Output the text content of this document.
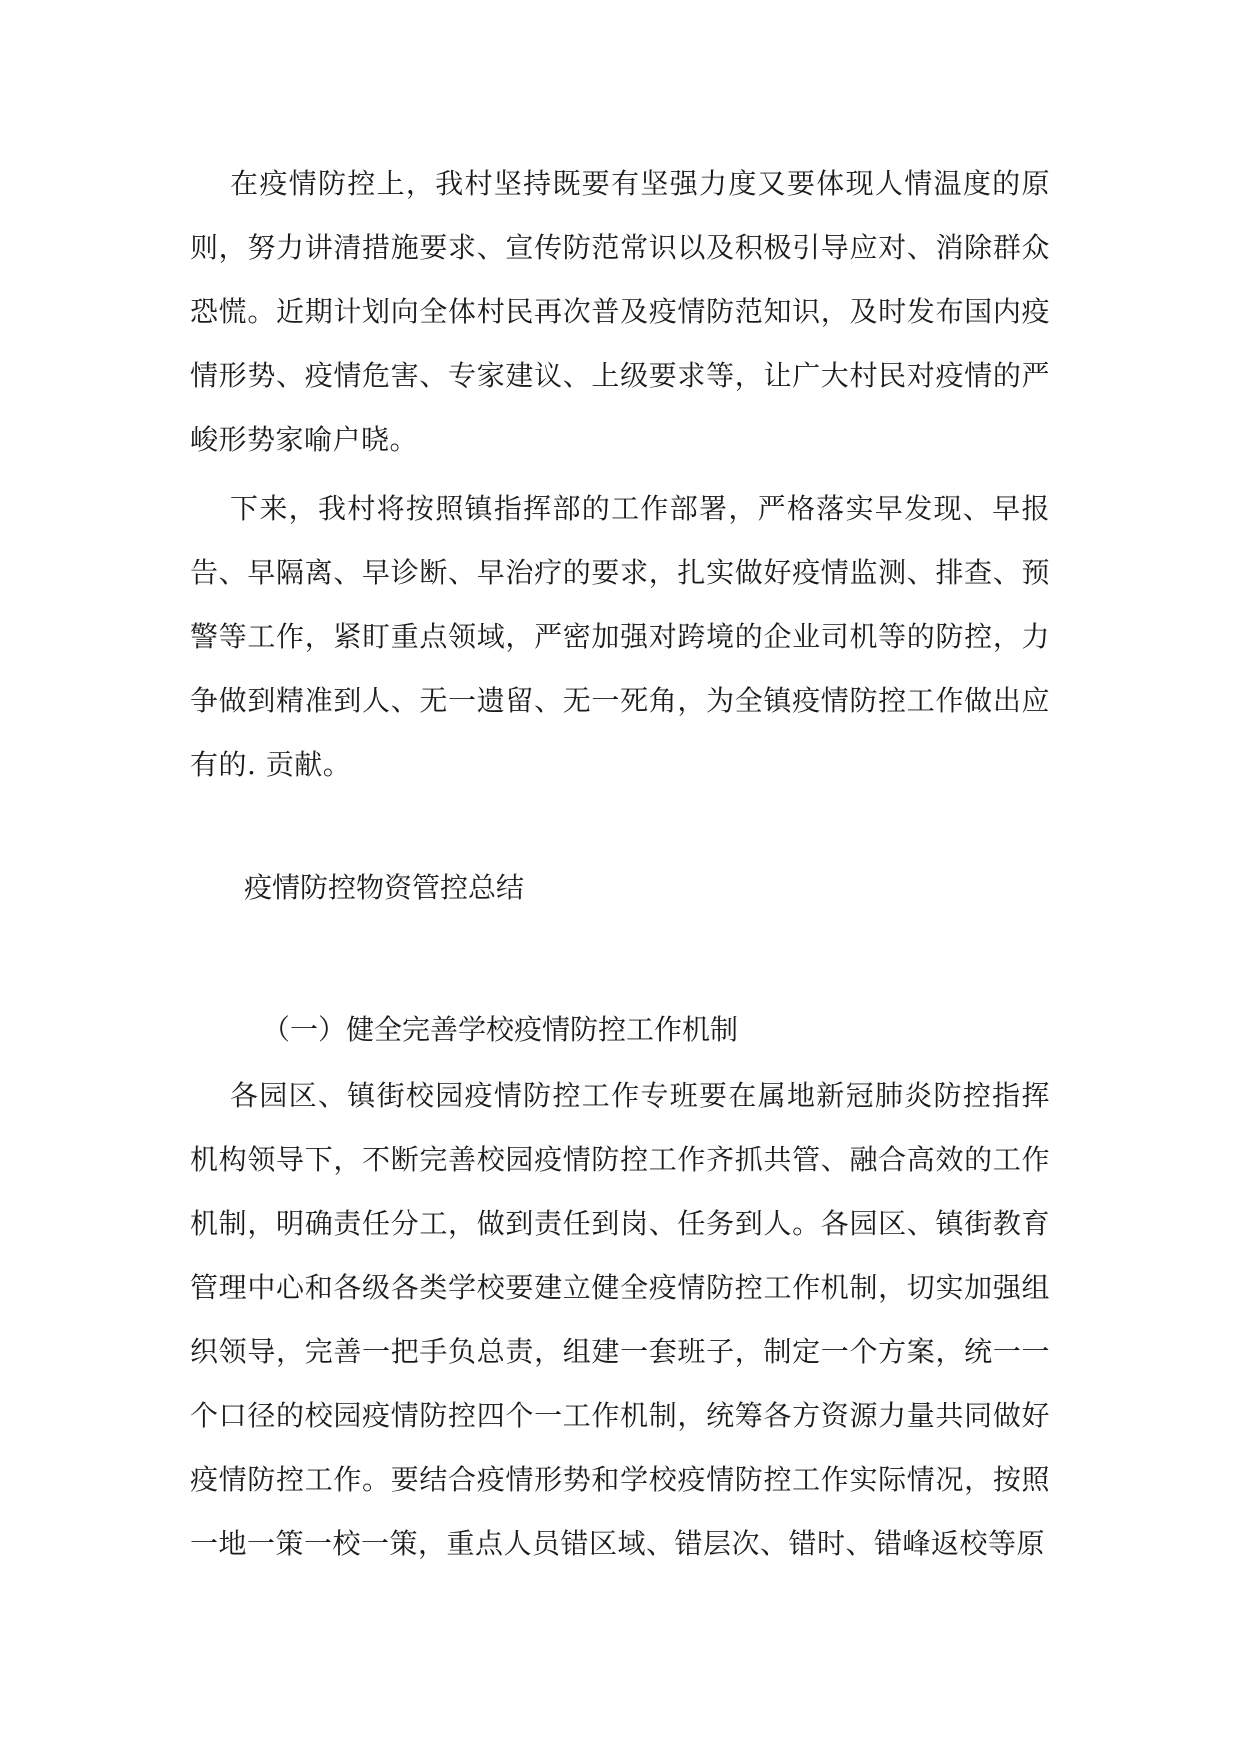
在疫情防控上，我村坚持既要有坚强力度又要体现人情温度的原则，努力讲清措施要求、宣传防范常识以及积极引导应对、消除群众恐慌。近期计划向全体村民再次普及疫情防范知识，及时发布国内疫情形势、疫情危害、专家建议、上级要求等，让广大村民对疫情的严峻形势家喻户晓。

下来，我村将按照镇指挥部的工作部署，严格落实早发现、早报告、早隔离、早诊断、早治疗的要求，扎实做好疫情监测、排查、预警等工作，紧盯重点领域，严密加强对跨境的企业司机等的防控，力争做到精准到人、无一遗留、无一死角，为全镇疫情防控工作做出应有的. 贡献。

疫情防控物资管控总结
（一）健全完善学校疫情防控工作机制

各园区、镇街校园疫情防控工作专班要在属地新冠肺炎防控指挥机构领导下，不断完善校园疫情防控工作齐抓共管、融合高效的工作机制，明确责任分工，做到责任到岗、任务到人。各园区、镇街教育管理中心和各级各类学校要建立健全疫情防控工作机制，切实加强组织领导，完善一把手负总责，组建一套班子，制定一个方案，统一一个口径的校园疫情防控四个一工作机制，统筹各方资源力量共同做好疫情防控工作。要结合疫情形势和学校疫情防控工作实际情况，按照一地一策一校一策，重点人员错区域、错层次、错时、错峰返校等原
